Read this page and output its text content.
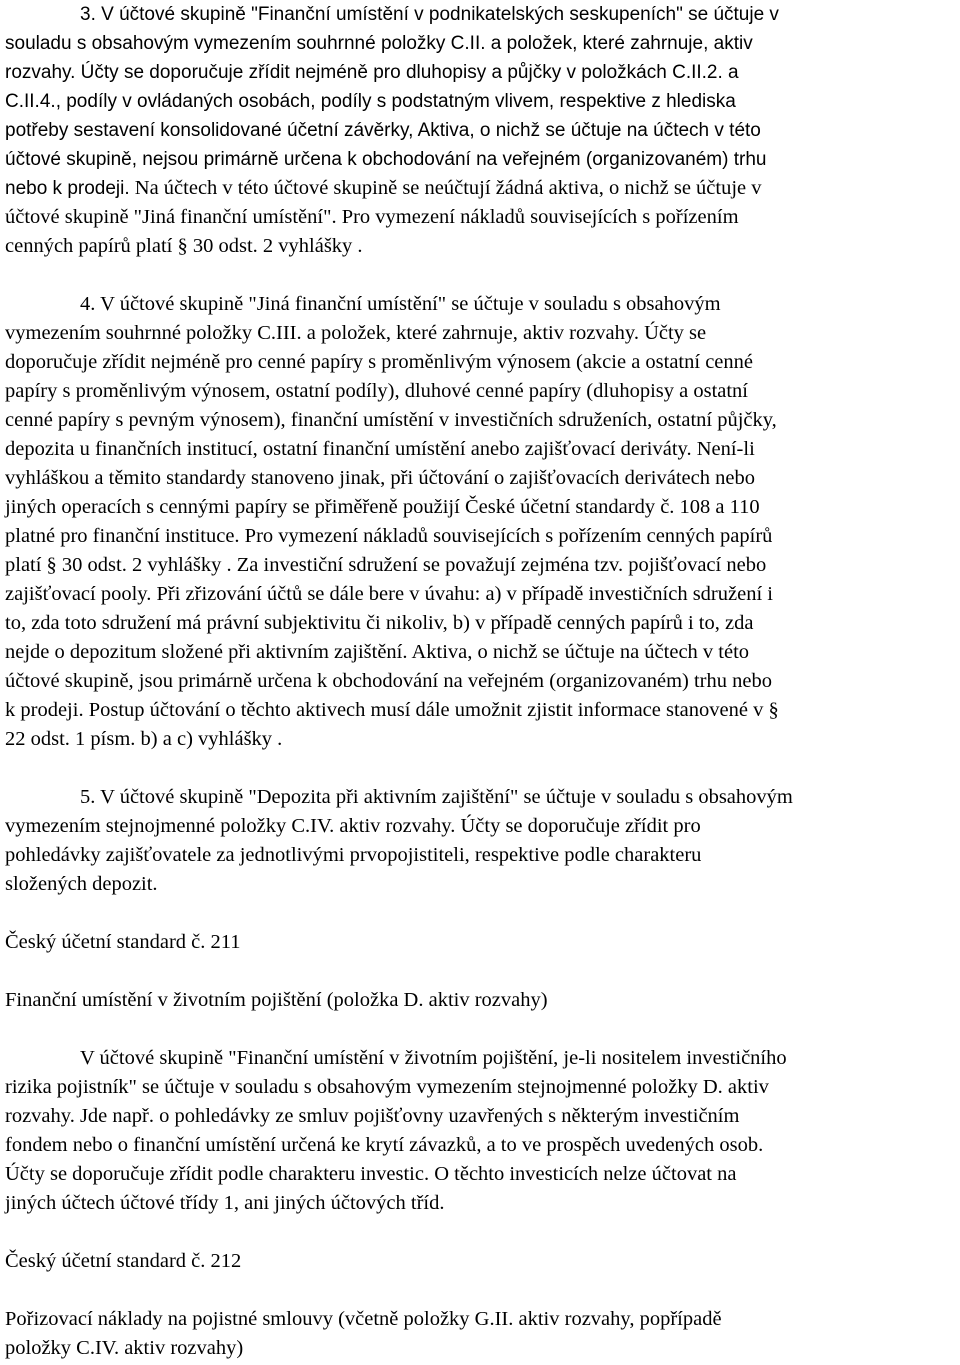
3. V účtové skupině "Finanční umístění v podnikatelských seskupeních" se účtuje v
souladu s obsahovým vymezením souhrnné položky C.II. a položek, které zahrnuje, aktiv
rozvahy. Účty se doporučuje zřídit nejméně pro dluhopisy a půjčky v položkách C.II.2. a
C.II.4., podíly v ovládaných osobách, podíly s podstatným vlivem, respektive z hlediska
potřeby sestavení konsolidované účetní závěrky, Aktiva, o nichž se účtuje na účtech v této
účtové skupině, nejsou primárně určena k obchodování na veřejném (organizovaném) trhu
nebo k prodeji. Na účtech v této účtové skupině se neúčtují žádná aktiva, o nichž se účtuje v
účtové skupině "Jiná finanční umístění". Pro vymezení nákladů souvisejících s pořízením
cenných papírů platí § 30 odst. 2 vyhlášky .
4. V účtové skupině "Jiná finanční umístění" se účtuje v souladu s obsahovým
vymezením souhrnné položky C.III. a položek, které zahrnuje, aktiv rozvahy. Účty se
doporučuje zřídit nejméně pro cenné papíry s proměnlivým výnosem (akcie a ostatní cenné
papíry s proměnlivým výnosem, ostatní podíly), dluhové cenné papíry (dluhopisy a ostatní
cenné papíry s pevným výnosem), finanční umístění v investičních sdruženích, ostatní půjčky,
depozita u finančních institucí, ostatní finanční umístění anebo zajišťovací deriváty. Není-li
vyhláškou a těmito standardy stanoveno jinak, při účtování o zajišťovacích derivátech nebo
jiných operacích s cennými papíry se přiměřeně použijí České účetní standardy č. 108 a 110
platné pro finanční instituce. Pro vymezení nákladů souvisejících s pořízením cenných papírů
platí § 30 odst. 2 vyhlášky . Za investiční sdružení se považují zejména tzv. pojišťovací nebo
zajišťovací pooly. Při zřizování účtů se dále bere v úvahu: a) v případě investičních sdružení i
to, zda toto sdružení má právní subjektivitu či nikoliv, b) v případě cenných papírů i to, zda
nejde o depozitum složené při aktivním zajištění. Aktiva, o nichž se účtuje na účtech v této
účtové skupině, jsou primárně určena k obchodování na veřejném (organizovaném) trhu nebo
k prodeji. Postup účtování o těchto aktivech musí dále umožnit zjistit informace stanovené v §
22 odst. 1 písm. b) a c) vyhlášky .
5. V účtové skupině "Depozita při aktivním zajištění" se účtuje v souladu s obsahovým
vymezením stejnojmenné položky C.IV. aktiv rozvahy. Účty se doporučuje zřídit pro
pohledávky zajišťovatele za jednotlivými prvopojistiteli, respektive podle charakteru
složených depozit.
Český účetní standard č. 211
Finanční umístění v životním pojištění (položka D. aktiv rozvahy)
V účtové skupině "Finanční umístění v životním pojištění, je-li nositelem investičního
rizika pojistník" se účtuje v souladu s obsahovým vymezením stejnojmenné položky D. aktiv
rozvahy. Jde např. o pohledávky ze smluv pojišťovny uzavřených s některým investičním
fondem nebo o finanční umístění určená ke krytí závazků, a to ve prospěch uvedených osob.
Účty se doporučuje zřídit podle charakteru investic. O těchto investicích nelze účtovat na
jiných účtech účtové třídy 1, ani jiných účtových tříd.
Český účetní standard č. 212
Pořizovací náklady na pojistné smlouvy (včetně položky G.II. aktiv rozvahy, popřípadě
položky C.IV. aktiv rozvahy)
